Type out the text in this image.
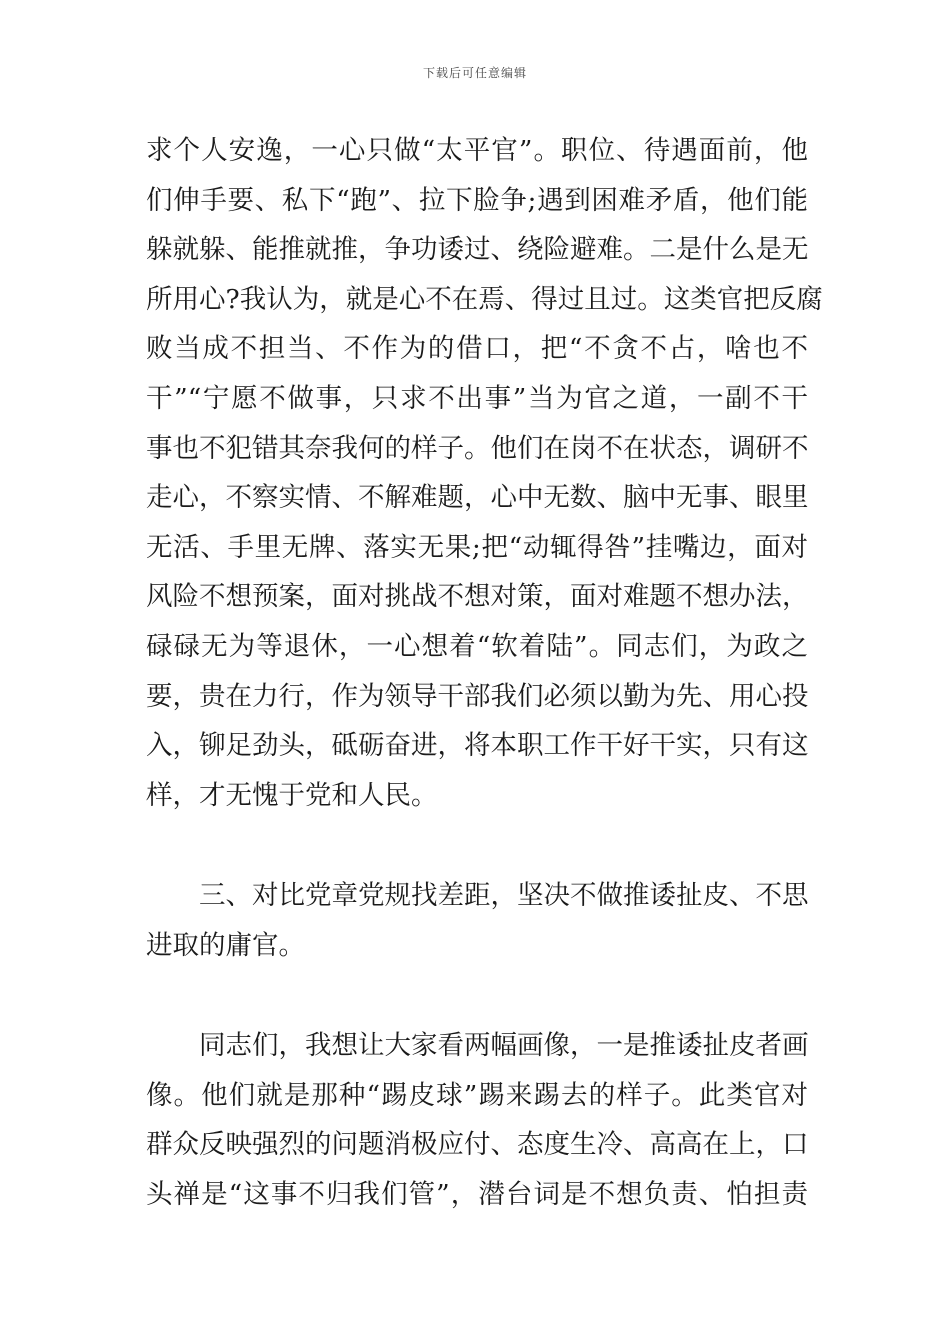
下载后可任意编辑
求个人安逸，一心只做“太平官”。职位、待遇面前，他
们伸手要、私下“跑”、拉下脸争;遇到困难矛盾，他们能
躲就躲、能推就推，争功诿过、绕险避难。二是什么是无
所用心?我认为，就是心不在焉、得过且过。这类官把反腐
败当成不担当、不作为的借口，把“不贪不占，啥也不
干”“宁愿不做事，只求不出事”当为官之道，一副不干
事也不犯错其奈我何的样子。他们在岗不在状态，调研不
走心，不察实情、不解难题，心中无数、脑中无事、眼里
无活、手里无牌、落实无果;把“动辄得咎”挂嘴边，面对
风险不想预案，面对挑战不想对策，面对难题不想办法，
碌碌无为等退休，一心想着“软着陆”。同志们，为政之
要，贵在力行，作为领导干部我们必须以勤为先、用心投
入，铆足劲头，砥砺奋进，将本职工作干好干实，只有这
样，才无愧于党和人民。
三、对比党章党规找差距，坚决不做推诿扯皮、不思
进取的庸官。
同志们，我想让大家看两幅画像，一是推诿扯皮者画
像。他们就是那种“踢皮球”踢来踢去的样子。此类官对
群众反映强烈的问题消极应付、态度生冷、高高在上，口
头禅是“这事不归我们管”，潜台词是不想负责、怕担责
